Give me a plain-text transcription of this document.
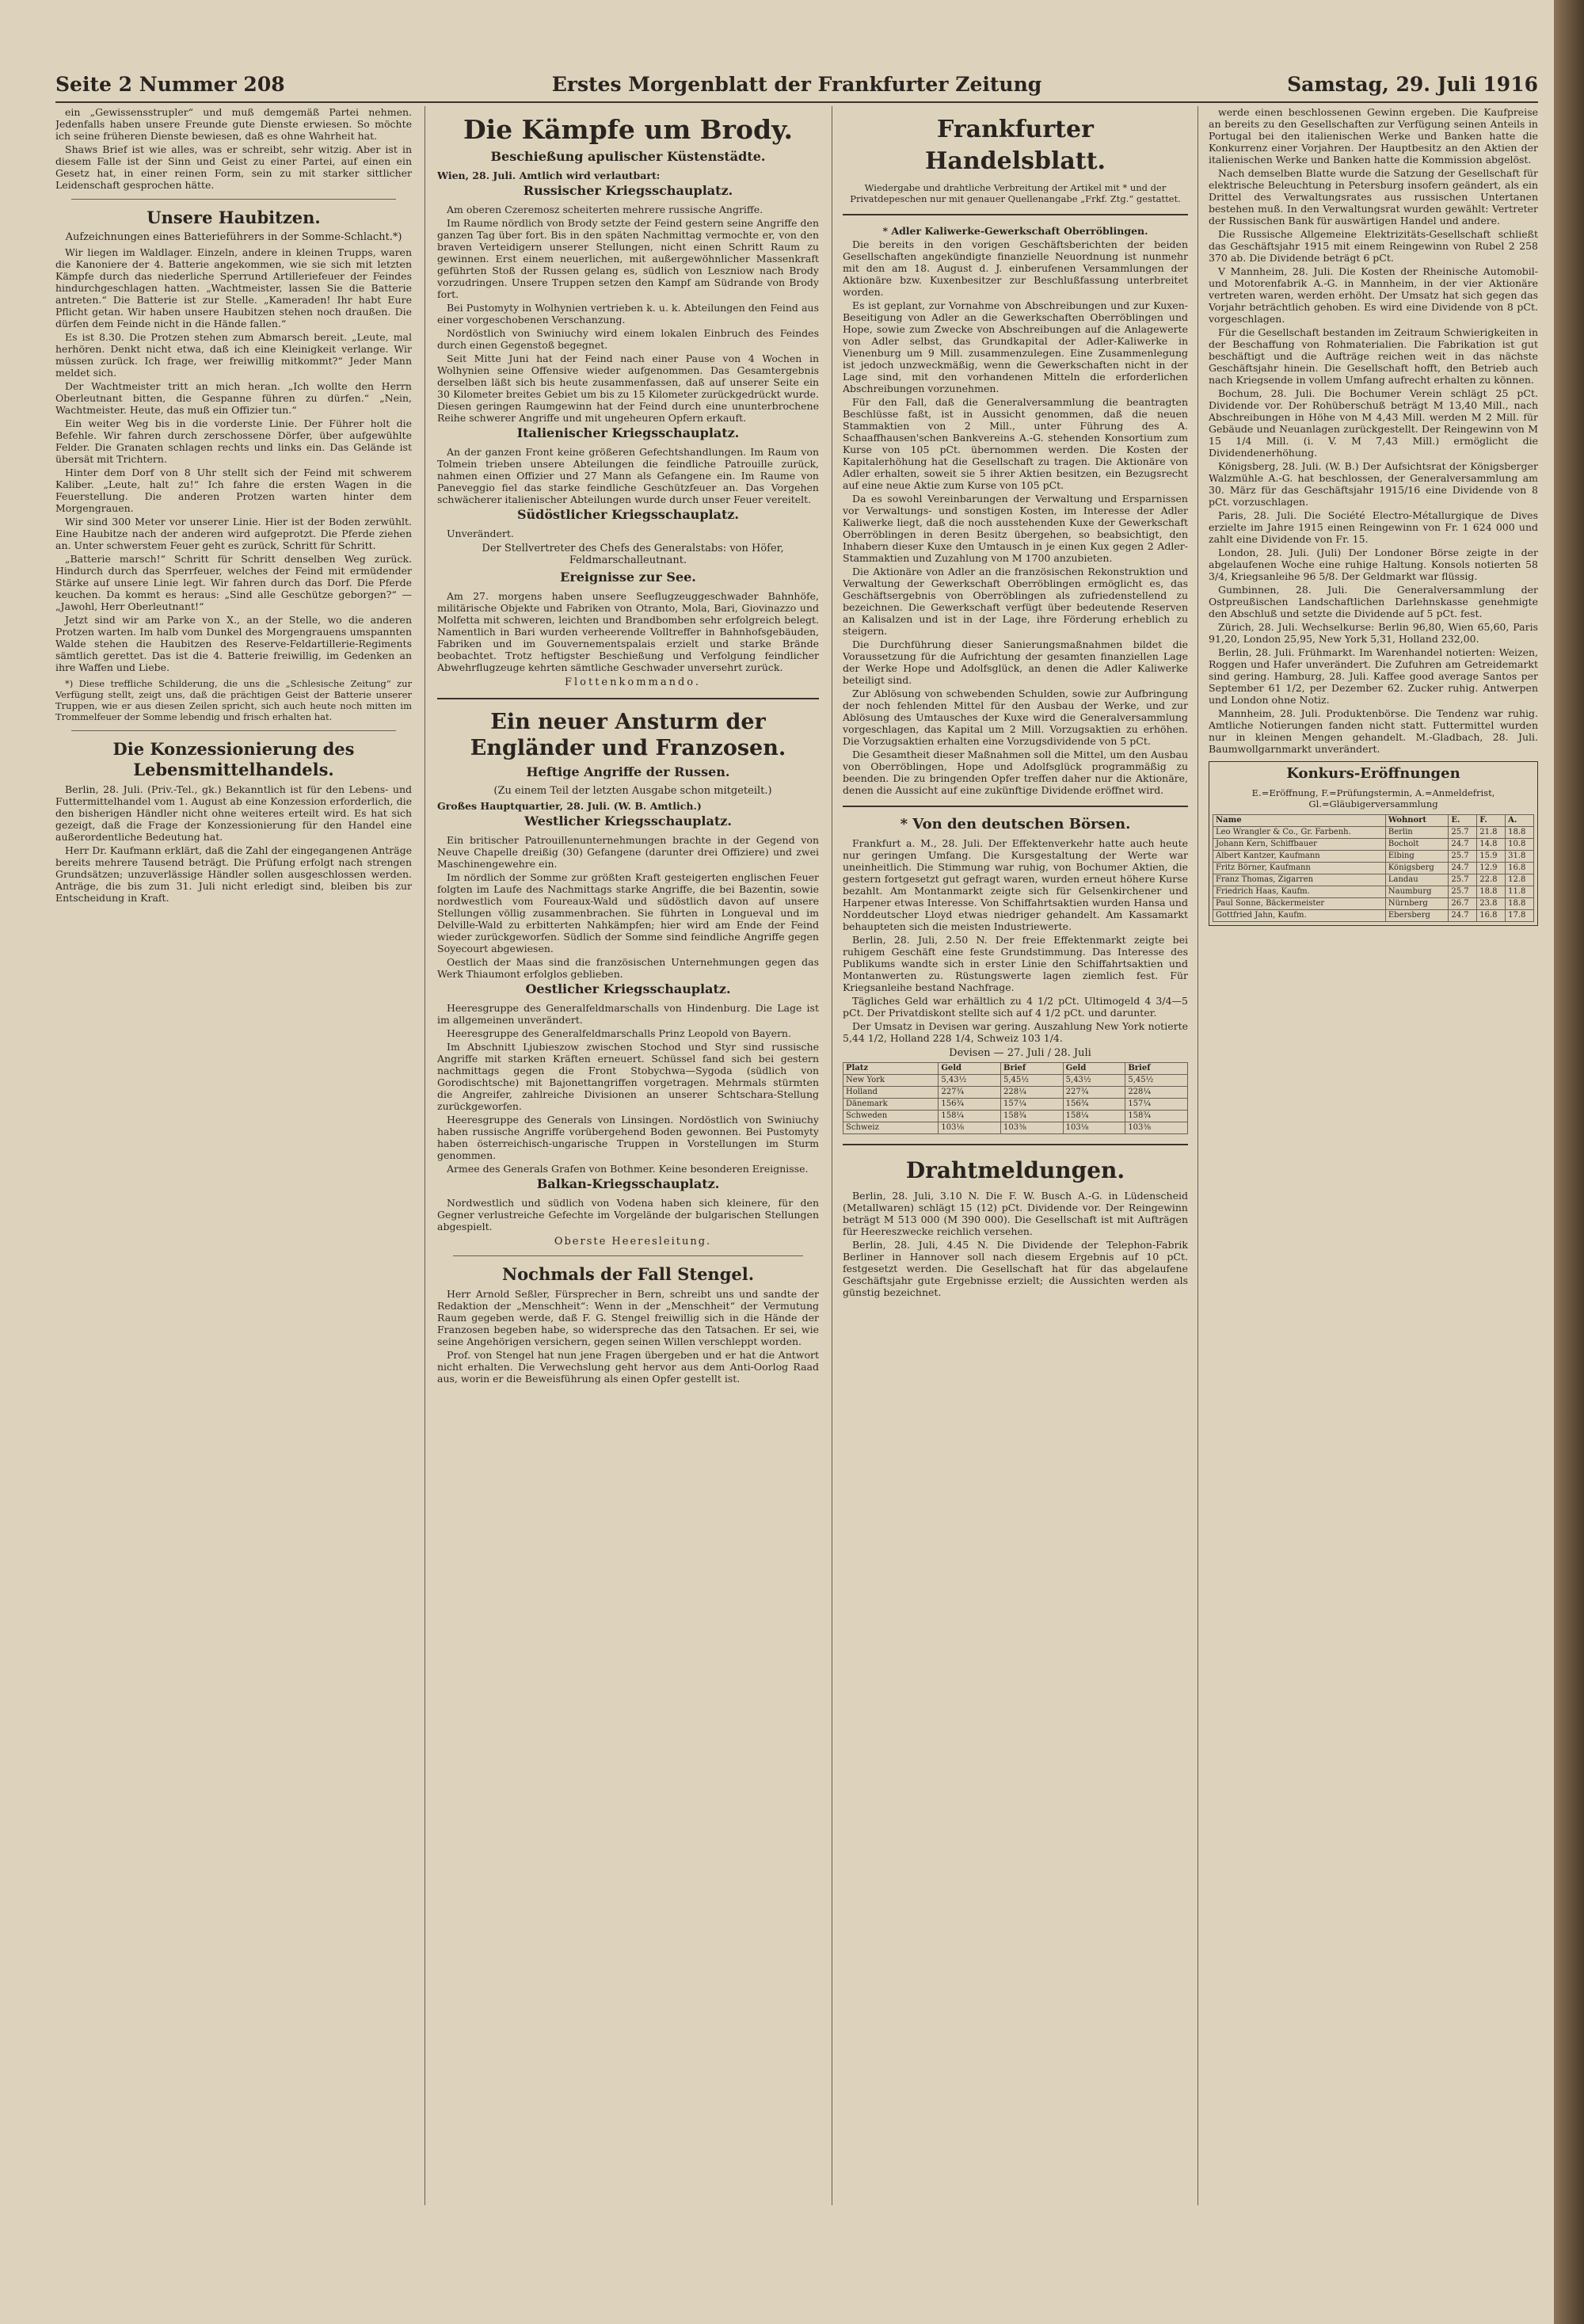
Seite 2 Nummer 208	Erstes Morgenblatt der Frankfurter Zeitung	Samstag, 29. Juli 1916

ein „Gewissensstrupler“ und muß demgemäß Partei nehmen. Jedenfalls haben unsere Freunde gute Dienste erwiesen. So möchte ich seine früheren Dienste bewiesen, daß es ohne Wahrheit hat.

Shaws Brief ist wie alles, was er schreibt, sehr witzig. Aber ist in diesem Falle ist der Sinn und Geist zu einer Partei, auf einen ein Gesetz hat, in einer reinen Form, sein zu mit starker sittlicher Leidenschaft gesprochen hätte.

Unsere Haubitzen.

Aufzeichnungen eines Batterieführers in der Somme-Schlacht.*)

Wir liegen im Waldlager. Einzeln, andere in kleinen Trupps, waren die Kanoniere der 4. Batterie angekommen, wie sie sich mit letzten Kämpfe durch das niederliche Sperrund Artilleriefeuer der Feindes hindurchgeschlagen hatten. „Wachtmeister, lassen Sie die Batterie antreten.“ Die Batterie ist zur Stelle. „Kameraden! Ihr habt Eure Pflicht getan. Wir haben unsere Haubitzen stehen noch draußen. Die dürfen dem Feinde nicht in die Hände fallen.“

Es ist 8.30. Die Protzen stehen zum Abmarsch bereit. „Leute, mal herhören. Denkt nicht etwa, daß ich eine Kleinigkeit verlange. Wir müssen zurück. Ich frage, wer freiwillig mitkommt?“ Jeder Mann meldet sich.

Der Wachtmeister tritt an mich heran. „Ich wollte den Herrn Oberleutnant bitten, die Gespanne führen zu dürfen.“ „Nein, Wachtmeister. Heute, das muß ein Offizier tun.“

Ein weiter Weg bis in die vorderste Linie. Der Führer holt die Befehle. Wir fahren durch zerschossene Dörfer, über aufgewühlte Felder. Die Granaten schlagen rechts und links ein. Das Gelände ist übersät mit Trichtern.

Hinter dem Dorf von 8 Uhr stellt sich der Feind mit schwerem Kaliber. „Leute, halt zu!“ Ich fahre die ersten Wagen in die Feuerstellung. Die anderen Protzen warten hinter dem Morgengrauen.

Wir sind 300 Meter vor unserer Linie. Hier ist der Boden zerwühlt. Eine Haubitze nach der anderen wird aufgeprotzt. Die Pferde ziehen an. Unter schwerstem Feuer geht es zurück, Schritt für Schritt.

„Batterie marsch!“ Schritt für Schritt denselben Weg zurück. Hindurch durch das Sperrfeuer, welches der Feind mit ermüdender Stärke auf unsere Linie legt. Wir fahren durch das Dorf. Die Pferde keuchen. Da kommt es heraus: „Sind alle Geschütze geborgen?“ — „Jawohl, Herr Oberleutnant!“

Jetzt sind wir am Parke von X., an der Stelle, wo die anderen Protzen warten. Im halb vom Dunkel des Morgengrauens umspannten Walde stehen die Haubitzen des Reserve-Feldartillerie-Regiments sämtlich gerettet. Das ist die 4. Batterie freiwillig, im Gedenken an ihre Waffen und Liebe.

*) Diese treffliche Schilderung, die uns die „Schlesische Zeitung“ zur Verfügung stellt, zeigt uns, daß die prächtigen Geist der Batterie unserer Truppen, wie er aus diesen Zeilen spricht, sich auch heute noch mitten im Trommelfeuer der Somme lebendig und frisch erhalten hat.

Die Konzessionierung des Lebensmittelhandels.

Berlin, 28. Juli. (Priv.-Tel., gk.) Bekanntlich ist für den Lebens- und Futtermittelhandel vom 1. August ab eine Konzession erforderlich, die den bisherigen Händler nicht ohne weiteres erteilt wird. Es hat sich gezeigt, daß die Frage der Konzessionierung für den Handel eine außerordentliche Bedeutung hat.

Herr Dr. Kaufmann erklärt, daß die Zahl der eingegangenen Anträge bereits mehrere Tausend beträgt. Die Prüfung erfolgt nach strengen Grundsätzen; unzuverlässige Händler sollen ausgeschlossen werden. Anträge, die bis zum 31. Juli nicht erledigt sind, bleiben bis zur Entscheidung in Kraft.

Die Kämpfe um Brody.
Beschießung apulischer Küstenstädte.

Wien, 28. Juli. Amtlich wird verlautbart:

Russischer Kriegsschauplatz.

Am oberen Czeremosz scheiterten mehrere russische Angriffe.

Im Raume nördlich von Brody setzte der Feind gestern seine Angriffe den ganzen Tag über fort. Bis in den späten Nachmittag vermochte er, von den braven Verteidigern unserer Stellungen, nicht einen Schritt Raum zu gewinnen. Erst einem neuerlichen, mit außergewöhnlicher Massenkraft geführten Stoß der Russen gelang es, südlich von Leszniow nach Brody vorzudringen. Unsere Truppen setzen den Kampf am Südrande von Brody fort.

Bei Pustomyty in Wolhynien vertrieben k. u. k. Abteilungen den Feind aus einer vorgeschobenen Verschanzung.

Nordöstlich von Swiniuchy wird einem lokalen Einbruch des Feindes durch einen Gegenstoß begegnet.

Seit Mitte Juni hat der Feind nach einer Pause von 4 Wochen in Wolhynien seine Offensive wieder aufgenommen. Das Gesamtergebnis derselben läßt sich bis heute zusammenfassen, daß auf unserer Seite ein 30 Kilometer breites Gebiet um bis zu 15 Kilometer zurückgedrückt wurde. Diesen geringen Raumgewinn hat der Feind durch eine ununterbrochene Reihe schwerer Angriffe und mit ungeheuren Opfern erkauft.

Italienischer Kriegsschauplatz.

An der ganzen Front keine größeren Gefechtshandlungen. Im Raum von Tolmein trieben unsere Abteilungen die feindliche Patrouille zurück, nahmen einen Offizier und 27 Mann als Gefangene ein. Im Raume von Paneveggio fiel das starke feindliche Geschützfeuer an. Das Vorgehen schwächerer italienischer Abteilungen wurde durch unser Feuer vereitelt.

Südöstlicher Kriegsschauplatz.

Unverändert.

Der Stellvertreter des Chefs des Generalstabs: von Höfer, Feldmarschalleutnant.

Ereignisse zur See.

Am 27. morgens haben unsere Seeflugzeuggeschwader Bahnhöfe, militärische Objekte und Fabriken von Otranto, Mola, Bari, Giovinazzo und Molfetta mit schweren, leichten und Brandbomben sehr erfolgreich belegt. Namentlich in Bari wurden verheerende Volltreffer in Bahnhofsgebäuden, Fabriken und im Gouvernementspalais erzielt und starke Brände beobachtet. Trotz heftigster Beschießung und Verfolgung feindlicher Abwehrflugzeuge kehrten sämtliche Geschwader unversehrt zurück.

Flottenkommando.

Ein neuer Ansturm der Engländer und Franzosen.
Heftige Angriffe der Russen.

(Zu einem Teil der letzten Ausgabe schon mitgeteilt.)

Großes Hauptquartier, 28. Juli. (W. B. Amtlich.)

Westlicher Kriegsschauplatz.

Ein britischer Patrouillenunternehmungen brachte in der Gegend von Neuve Chapelle dreißig (30) Gefangene (darunter drei Offiziere) und zwei Maschinengewehre ein.

Im nördlich der Somme zur größten Kraft gesteigerten englischen Feuer folgten im Laufe des Nachmittags starke Angriffe, die bei Bazentin, sowie nordwestlich vom Foureaux-Wald und südöstlich davon auf unsere Stellungen völlig zusammenbrachen. Sie führten in Longueval und im Delville-Wald zu erbitterten Nahkämpfen; hier wird am Ende der Feind wieder zurückgeworfen. Südlich der Somme sind feindliche Angriffe gegen Soyecourt abgewiesen.

Oestlich der Maas sind die französischen Unternehmungen gegen das Werk Thiaumont erfolglos geblieben.

Oestlicher Kriegsschauplatz.

Heeresgruppe des Generalfeldmarschalls von Hindenburg. Die Lage ist im allgemeinen unverändert.

Heeresgruppe des Generalfeldmarschalls Prinz Leopold von Bayern.

Im Abschnitt Ljubieszow zwischen Stochod und Styr sind russische Angriffe mit starken Kräften erneuert. Schüssel fand sich bei gestern nachmittags gegen die Front Stobychwa—Sygoda (südlich von Gorodischtsche) mit Bajonettangriffen vorgetragen. Mehrmals stürmten die Angreifer, zahlreiche Divisionen an unserer Schtschara-Stellung zurückgeworfen.

Heeresgruppe des Generals von Linsingen. Nordöstlich von Swiniuchy haben russische Angriffe vorübergehend Boden gewonnen. Bei Pustomyty haben österreichisch-ungarische Truppen in Vorstellungen im Sturm genommen.

Armee des Generals Grafen von Bothmer. Keine besonderen Ereignisse.

Balkan-Kriegsschauplatz.

Nordwestlich und südlich von Vodena haben sich kleinere, für den Gegner verlustreiche Gefechte im Vorgelände der bulgarischen Stellungen abgespielt.

Oberste Heeresleitung.

Nochmals der Fall Stengel.

Herr Arnold Seßler, Fürsprecher in Bern, schreibt uns und sandte der Redaktion der „Menschheit“: Wenn in der „Menschheit“ der Vermutung Raum gegeben werde, daß F. G. Stengel freiwillig sich in die Hände der Franzosen begeben habe, so widerspreche das den Tatsachen. Er sei, wie seine Angehörigen versichern, gegen seinen Willen verschleppt worden.

Prof. von Stengel hat nun jene Fragen übergeben und er hat die Antwort nicht erhalten. Die Verwechslung geht hervor aus dem Anti-Oorlog Raad aus, worin er die Beweisführung als einen Opfer gestellt ist.

Frankfurter Handelsblatt.

Wiedergabe und drahtliche Verbreitung der Artikel mit * und der Privatdepeschen nur mit genauer Quellenangabe „Frkf. Ztg.“ gestattet.

* Adler Kaliwerke-Gewerkschaft Oberröblingen.

Die bereits in den vorigen Geschäftsberichten der beiden Gesellschaften angekündigte finanzielle Neuordnung ist nunmehr mit den am 18. August d. J. einberufenen Versammlungen der Aktionäre bzw. Kuxenbesitzer zur Beschlußfassung unterbreitet worden.

Es ist geplant, zur Vornahme von Abschreibungen und zur Kuxen-Beseitigung von Adler an die Gewerkschaften Oberröblingen und Hope, sowie zum Zwecke von Abschreibungen auf die Anlagewerte von Adler selbst, das Grundkapital der Adler-Kaliwerke in Vienenburg um 9 Mill. zusammenzulegen. Eine Zusammenlegung ist jedoch unzweckmäßig, wenn die Gewerkschaften nicht in der Lage sind, mit den vorhandenen Mitteln die erforderlichen Abschreibungen vorzunehmen.

Für den Fall, daß die Generalversammlung die beantragten Beschlüsse faßt, ist in Aussicht genommen, daß die neuen Stammaktien von 2 Mill., unter Führung des A. Schaaffhausen'schen Bankvereins A.-G. stehenden Konsortium zum Kurse von 105 pCt. übernommen werden. Die Kosten der Kapitalerhöhung hat die Gesellschaft zu tragen. Die Aktionäre von Adler erhalten, soweit sie 5 ihrer Aktien besitzen, ein Bezugsrecht auf eine neue Aktie zum Kurse von 105 pCt.

Da es sowohl Vereinbarungen der Verwaltung und Ersparnissen vor Verwaltungs- und sonstigen Kosten, im Interesse der Adler Kaliwerke liegt, daß die noch ausstehenden Kuxe der Gewerkschaft Oberröblingen in deren Besitz übergehen, so beabsichtigt, den Inhabern dieser Kuxe den Umtausch in je einen Kux gegen 2 Adler-Stammaktien und Zuzahlung von M 1700 anzubieten.

Die Aktionäre von Adler an die französischen Rekonstruktion und Verwaltung der Gewerkschaft Oberröblingen ermöglicht es, das Geschäftsergebnis von Oberröblingen als zufriedenstellend zu bezeichnen. Die Gewerkschaft verfügt über bedeutende Reserven an Kalisalzen und ist in der Lage, ihre Förderung erheblich zu steigern.

Die Durchführung dieser Sanierungsmaßnahmen bildet die Voraussetzung für die Aufrichtung der gesamten finanziellen Lage der Werke Hope und Adolfsglück, an denen die Adler Kaliwerke beteiligt sind.

Zur Ablösung von schwebenden Schulden, sowie zur Aufbringung der noch fehlenden Mittel für den Ausbau der Werke, und zur Ablösung des Umtausches der Kuxe wird die Generalversammlung vorgeschlagen, das Kapital um 2 Mill. Vorzugsaktien zu erhöhen. Die Vorzugsaktien erhalten eine Vorzugsdividende von 5 pCt.

Die Gesamtheit dieser Maßnahmen soll die Mittel, um den Ausbau von Oberröblingen, Hope und Adolfsglück programmäßig zu beenden. Die zu bringenden Opfer treffen daher nur die Aktionäre, denen die Aussicht auf eine zukünftige Dividende eröffnet wird.

* Von den deutschen Börsen.

Frankfurt a. M., 28. Juli. Der Effektenverkehr hatte auch heute nur geringen Umfang. Die Kursgestaltung der Werte war uneinheitlich. Die Stimmung war ruhig, von Bochumer Aktien, die gestern fortgesetzt gut gefragt waren, wurden erneut höhere Kurse bezahlt. Am Montanmarkt zeigte sich für Gelsenkirchener und Harpener etwas Interesse. Von Schiffahrtsaktien wurden Hansa und Norddeutscher Lloyd etwas niedriger gehandelt. Am Kassamarkt behaupteten sich die meisten Industriewerte.

Berlin, 28. Juli, 2.50 N. Der freie Effektenmarkt zeigte bei ruhigem Geschäft eine feste Grundstimmung. Das Interesse des Publikums wandte sich in erster Linie den Schiffahrtsaktien und Montanwerten zu. Rüstungswerte lagen ziemlich fest. Für Kriegsanleihe bestand Nachfrage.

Tägliches Geld war erhältlich zu 4 1/2 pCt. Ultimogeld 4 3/4—5 pCt. Der Privatdiskont stellte sich auf 4 1/2 pCt. und darunter.

Der Umsatz in Devisen war gering. Auszahlung New York notierte 5,44 1/2, Holland 228 1/4, Schweiz 103 1/4.

Devisen — 27. Juli / 28. Juli

Platz	Geld	Brief	Geld	Brief
New York	5,43½	5,45½	5,43½	5,45½
Holland	227¾	228¼	227¾	228¼
Dänemark	156¾	157¼	156¾	157¼
Schweden	158¼	158¾	158¼	158¾
Schweiz	103⅛	103⅜	103⅛	103⅜
Drahtmeldungen.

Berlin, 28. Juli, 3.10 N. Die F. W. Busch A.-G. in Lüdenscheid (Metallwaren) schlägt 15 (12) pCt. Dividende vor. Der Reingewinn beträgt M 513 000 (M 390 000). Die Gesellschaft ist mit Aufträgen für Heereszwecke reichlich versehen.

Berlin, 28. Juli, 4.45 N. Die Dividende der Telephon-Fabrik Berliner in Hannover soll nach diesem Ergebnis auf 10 pCt. festgesetzt werden. Die Gesellschaft hat für das abgelaufene Geschäftsjahr gute Ergebnisse erzielt; die Aussichten werden als günstig bezeichnet.

werde einen beschlossenen Gewinn ergeben. Die Kaufpreise an bereits zu den Gesellschaften zur Verfügung seinen Anteils in Portugal bei den italienischen Werke und Banken hatte die Konkurrenz einer Vorjahren. Der Hauptbesitz an den Aktien der italienischen Werke und Banken hatte die Kommission abgelöst.

Nach demselben Blatte wurde die Satzung der Gesellschaft für elektrische Beleuchtung in Petersburg insofern geändert, als ein Drittel des Verwaltungsrates aus russischen Untertanen bestehen muß. In den Verwaltungsrat wurden gewählt: Vertreter der Russischen Bank für auswärtigen Handel und andere.

Die Russische Allgemeine Elektrizitäts-Gesellschaft schließt das Geschäftsjahr 1915 mit einem Reingewinn von Rubel 2 258 370 ab. Die Dividende beträgt 6 pCt.

V Mannheim, 28. Juli. Die Kosten der Rheinische Automobil- und Motorenfabrik A.-G. in Mannheim, in der vier Aktionäre vertreten waren, werden erhöht. Der Umsatz hat sich gegen das Vorjahr beträchtlich gehoben. Es wird eine Dividende von 8 pCt. vorgeschlagen.

Für die Gesellschaft bestanden im Zeitraum Schwierigkeiten in der Beschaffung von Rohmaterialien. Die Fabrikation ist gut beschäftigt und die Aufträge reichen weit in das nächste Geschäftsjahr hinein. Die Gesellschaft hofft, den Betrieb auch nach Kriegsende in vollem Umfang aufrecht erhalten zu können.

Bochum, 28. Juli. Die Bochumer Verein schlägt 25 pCt. Dividende vor. Der Rohüberschuß beträgt M 13,40 Mill., nach Abschreibungen in Höhe von M 4,43 Mill. werden M 2 Mill. für Gebäude und Neuanlagen zurückgestellt. Der Reingewinn von M 15 1/4 Mill. (i. V. M 7,43 Mill.) ermöglicht die Dividendenerhöhung.

Königsberg, 28. Juli. (W. B.) Der Aufsichtsrat der Königsberger Walzmühle A.-G. hat beschlossen, der Generalversammlung am 30. März für das Geschäftsjahr 1915/16 eine Dividende von 8 pCt. vorzuschlagen.

Paris, 28. Juli. Die Société Electro-Métallurgique de Dives erzielte im Jahre 1915 einen Reingewinn von Fr. 1 624 000 und zahlt eine Dividende von Fr. 15.

London, 28. Juli. (Juli) Der Londoner Börse zeigte in der abgelaufenen Woche eine ruhige Haltung. Konsols notierten 58 3/4, Kriegsanleihe 96 5/8. Der Geldmarkt war flüssig.

Gumbinnen, 28. Juli. Die Generalversammlung der Ostpreußischen Landschaftlichen Darlehnskasse genehmigte den Abschluß und setzte die Dividende auf 5 pCt. fest.

Zürich, 28. Juli. Wechselkurse: Berlin 96,80, Wien 65,60, Paris 91,20, London 25,95, New York 5,31, Holland 232,00.

Berlin, 28. Juli. Frühmarkt. Im Warenhandel notierten: Weizen, Roggen und Hafer unverändert. Die Zufuhren am Getreidemarkt sind gering. Hamburg, 28. Juli. Kaffee good average Santos per September 61 1/2, per Dezember 62. Zucker ruhig. Antwerpen und London ohne Notiz.

Mannheim, 28. Juli. Produktenbörse. Die Tendenz war ruhig. Amtliche Notierungen fanden nicht statt. Futtermittel wurden nur in kleinen Mengen gehandelt. M.-Gladbach, 28. Juli. Baumwollgarnmarkt unverändert.

Konkurs-Eröffnungen

E.=Eröffnung, F.=Prüfungstermin, A.=Anmeldefrist, Gl.=Gläubigerversammlung

Name	Wohnort	E.	F.	A.
Leo Wrangler & Co., Gr. Farbenh.	Berlin	25.7	21.8	18.8
Johann Kern, Schiffbauer	Bocholt	24.7	14.8	10.8
Albert Kantzer, Kaufmann	Elbing	25.7	15.9	31.8
Fritz Börner, Kaufmann	Königsberg	24.7	12.9	16.8
Franz Thomas, Zigarren	Landau	25.7	22.8	12.8
Friedrich Haas, Kaufm.	Naumburg	25.7	18.8	11.8
Paul Sonne, Bäckermeister	Nürnberg	26.7	23.8	18.8
Gottfried Jahn, Kaufm.	Ebersberg	24.7	16.8	17.8
